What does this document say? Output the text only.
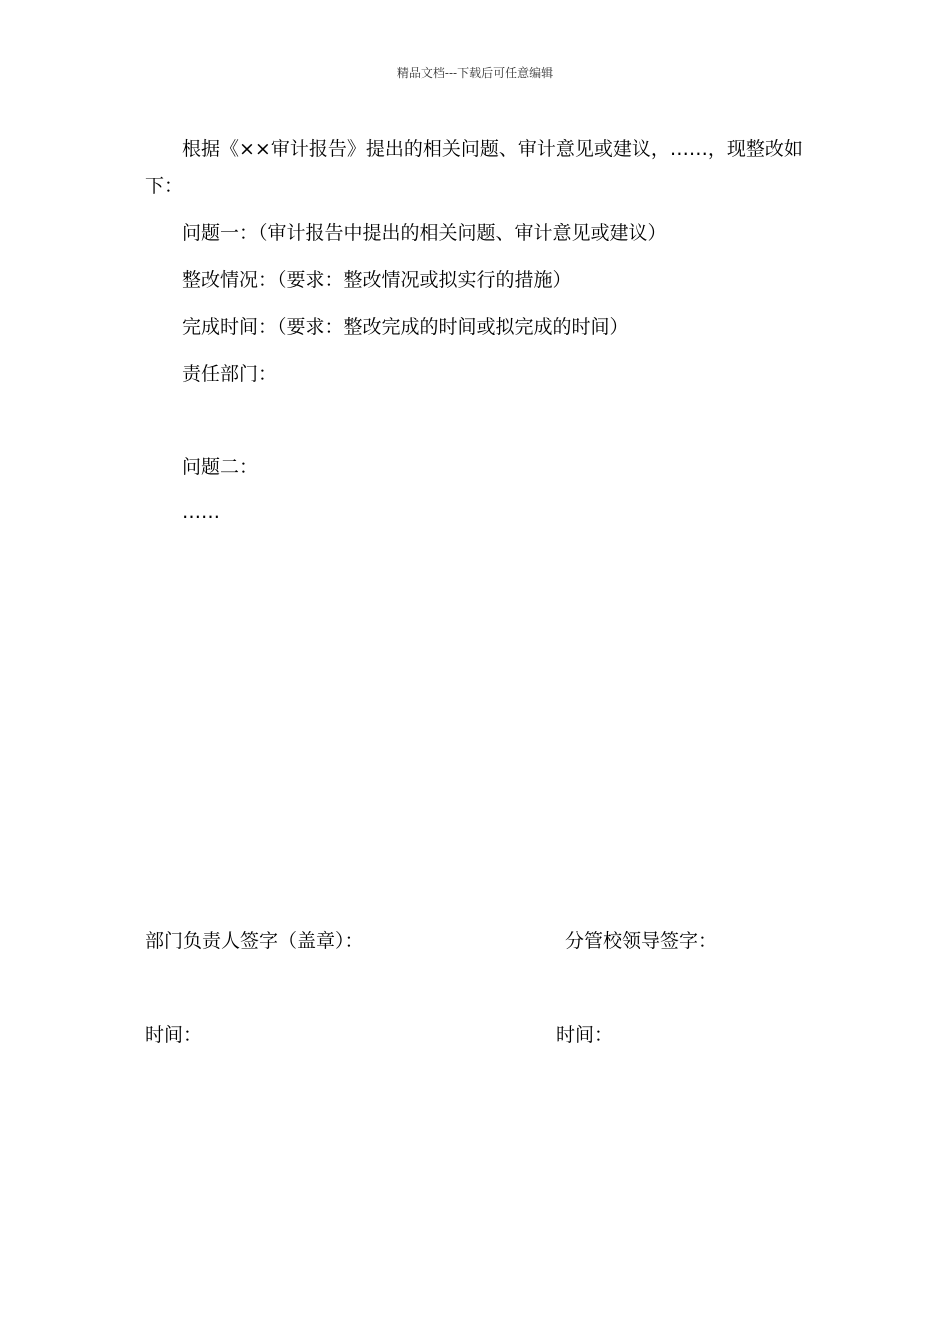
精品文档---下载后可任意编辑

根据《××审计报告》提出的相关问题、审计意见或建议，……，现整改如下：

问题一：（审计报告中提出的相关问题、审计意见或建议）

整改情况：（要求：整改情况或拟实行的措施）

完成时间：（要求：整改完成的时间或拟完成的时间）

责任部门：

问题二：

……

部门负责人签字（盖章）：	分管校领导签字：
时间：	时间：
